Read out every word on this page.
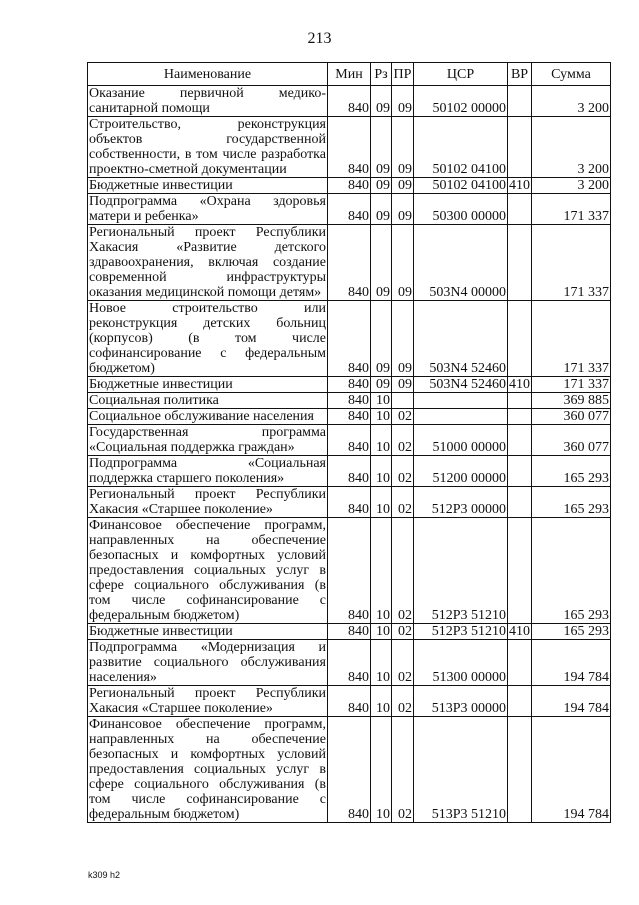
213
Наименование	Мин	Рз	ПР	ЦСР	ВР	Сумма
Оказание первичной медико-санитарной помощи	840	09	09	50102 00000		3 200
Строительство, реконструкция объектов государственной собственности, в том числе разработка проектно-сметной документации	840	09	09	50102 04100		3 200
Бюджетные инвестиции	840	09	09	50102 04100	410	3 200
Подпрограмма «Охрана здоровья матери и ребенка»	840	09	09	50300 00000		171 337
Региональный проект Республики Хакасия «Развитие детского здравоохранения, включая создание современной инфраструктуры оказания медицинской помощи детям»	840	09	09	503N4 00000		171 337
Новое строительство или реконструкция детских больниц (корпусов) (в том числе софинансирование с федеральным бюджетом)	840	09	09	503N4 52460		171 337
Бюджетные инвестиции	840	09	09	503N4 52460	410	171 337
Социальная политика	840	10				369 885
Социальное обслуживание населения	840	10	02			360 077
Государственная программа «Социальная поддержка граждан»	840	10	02	51000 00000		360 077
Подпрограмма «Социальная поддержка старшего поколения»	840	10	02	51200 00000		165 293
Региональный проект Республики Хакасия «Старшее поколение»	840	10	02	512P3 00000		165 293
Финансовое обеспечение программ, направленных на обеспечение безопасных и комфортных условий предоставления социальных услуг в сфере социального обслуживания (в том числе софинансирование с федеральным бюджетом)	840	10	02	512P3 51210		165 293
Бюджетные инвестиции	840	10	02	512P3 51210	410	165 293
Подпрограмма «Модернизация и развитие социального обслуживания населения»	840	10	02	51300 00000		194 784
Региональный проект Республики Хакасия «Старшее поколение»	840	10	02	513P3 00000		194 784
Финансовое обеспечение программ, направленных на обеспечение безопасных и комфортных условий предоставления социальных услуг в сфере социального обслуживания (в том числе софинансирование с федеральным бюджетом)	840	10	02	513P3 51210		194 784
k309 h2
